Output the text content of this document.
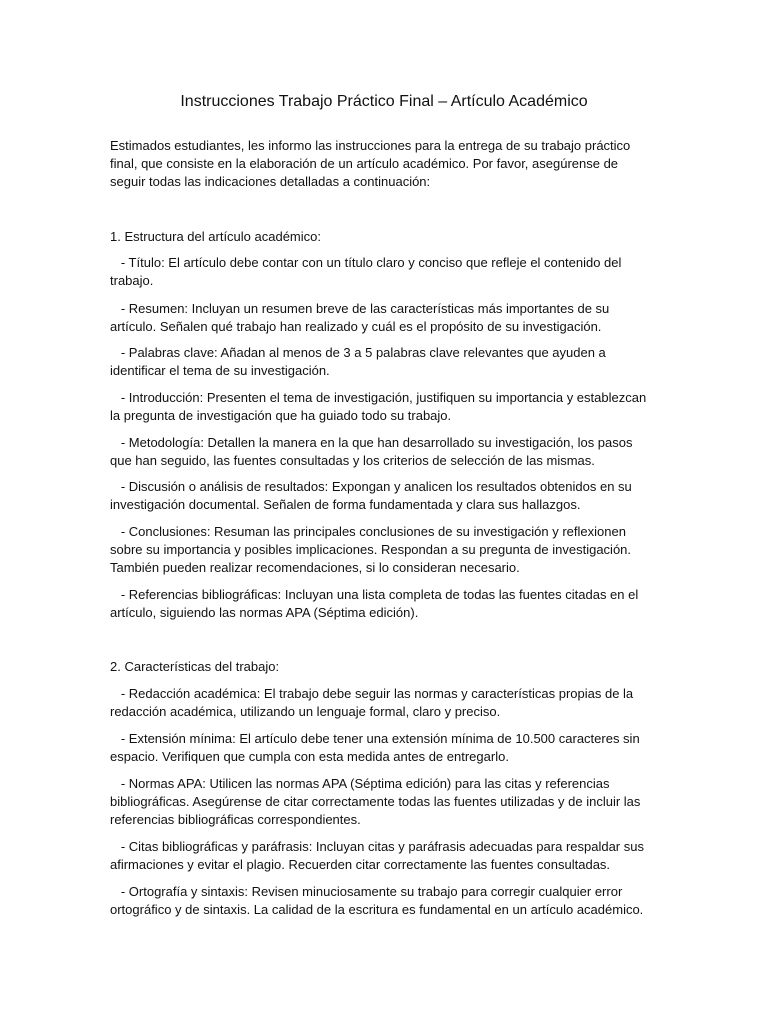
Instrucciones Trabajo Práctico Final – Artículo Académico

Estimados estudiantes, les informo las instrucciones para la entrega de su trabajo práctico final, que consiste en la elaboración de un artículo académico. Por favor, asegúrense de seguir todas las indicaciones detalladas a continuación:

1. Estructura del artículo académico:

- Título: El artículo debe contar con un título claro y conciso que refleje el contenido del trabajo.

- Resumen: Incluyan un resumen breve de las características más importantes de su artículo. Señalen qué trabajo han realizado y cuál es el propósito de su investigación.

- Palabras clave: Añadan al menos de 3 a 5 palabras clave relevantes que ayuden a identificar el tema de su investigación.

- Introducción: Presenten el tema de investigación, justifiquen su importancia y establezcan la pregunta de investigación que ha guiado todo su trabajo.

- Metodología: Detallen la manera en la que han desarrollado su investigación, los pasos que han seguido, las fuentes consultadas y los criterios de selección de las mismas.

- Discusión o análisis de resultados: Expongan y analicen los resultados obtenidos en su investigación documental. Señalen de forma fundamentada y clara sus hallazgos.

- Conclusiones: Resuman las principales conclusiones de su investigación y reflexionen sobre su importancia y posibles implicaciones. Respondan a su pregunta de investigación. También pueden realizar recomendaciones, si lo consideran necesario.

- Referencias bibliográficas: Incluyan una lista completa de todas las fuentes citadas en el artículo, siguiendo las normas APA (Séptima edición).

2. Características del trabajo:

- Redacción académica: El trabajo debe seguir las normas y características propias de la redacción académica, utilizando un lenguaje formal, claro y preciso.

- Extensión mínima: El artículo debe tener una extensión mínima de 10.500 caracteres sin espacio. Verifiquen que cumpla con esta medida antes de entregarlo.

- Normas APA: Utilicen las normas APA (Séptima edición) para las citas y referencias bibliográficas. Asegúrense de citar correctamente todas las fuentes utilizadas y de incluir las referencias bibliográficas correspondientes.

- Citas bibliográficas y paráfrasis: Incluyan citas y paráfrasis adecuadas para respaldar sus afirmaciones y evitar el plagio. Recuerden citar correctamente las fuentes consultadas.

- Ortografía y sintaxis: Revisen minuciosamente su trabajo para corregir cualquier error ortográfico y de sintaxis. La calidad de la escritura es fundamental en un artículo académico.
